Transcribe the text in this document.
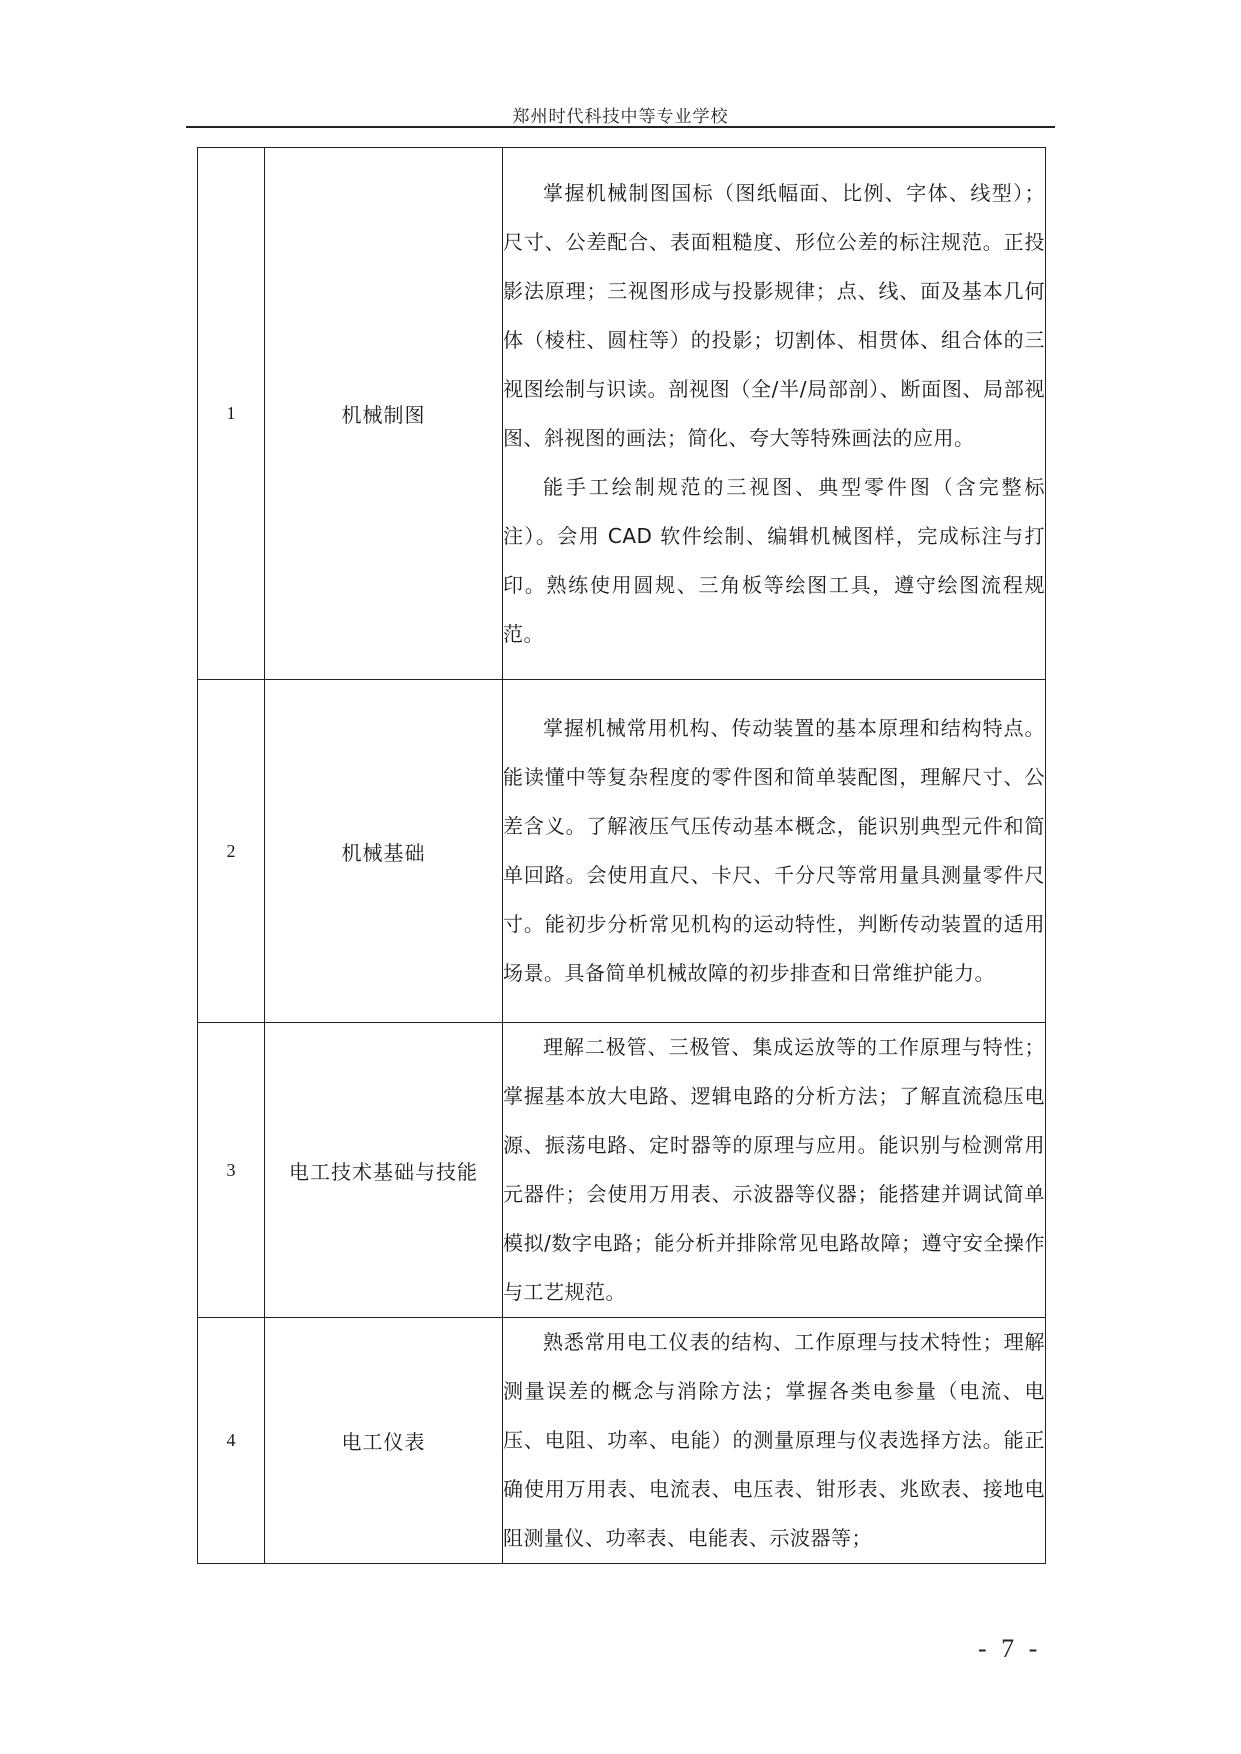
郑州时代科技中等专业学校
1	机械制图	掌握机械制图国标（图纸幅面、比例、字体、线型）；尺寸、公差配合、表面粗糙度、形位公差的标注规范。正投影法原理；三视图形成与投影规律；点、线、面及基本几何体（棱柱、圆柱等）的投影；切割体、相贯体、组合体的三视图绘制与识读。剖视图（全/半/局部剖）、断面图、局部视图、斜视图的画法；简化、夸大等特殊画法的应用。

能手工绘制规范的三视图、典型零件图（含完整标注）。会用 CAD 软件绘制、编辑机械图样，完成标注与打印。熟练使用圆规、三角板等绘图工具，遵守绘图流程规范。

2	机械基础	掌握机械常用机构、传动装置的基本原理和结构特点。能读懂中等复杂程度的零件图和简单装配图，理解尺寸、公差含义。了解液压气压传动基本概念，能识别典型元件和简单回路。会使用直尺、卡尺、千分尺等常用量具测量零件尺寸。能初步分析常见机构的运动特性，判断传动装置的适用场景。具备简单机械故障的初步排查和日常维护能力。

3	电工技术基础与技能	理解二极管、三极管、集成运放等的工作原理与特性；掌握基本放大电路、逻辑电路的分析方法；了解直流稳压电源、振荡电路、定时器等的原理与应用。能识别与检测常用元器件；会使用万用表、示波器等仪器；能搭建并调试简单模拟/数字电路；能分析并排除常见电路故障；遵守安全操作与工艺规范。

4	电工仪表	熟悉常用电工仪表的结构、工作原理与技术特性；理解测量误差的概念与消除方法；掌握各类电参量（电流、电压、电阻、功率、电能）的测量原理与仪表选择方法。能正确使用万用表、电流表、电压表、钳形表、兆欧表、接地电阻测量仪、功率表、电能表、示波器等；

- 7 -
